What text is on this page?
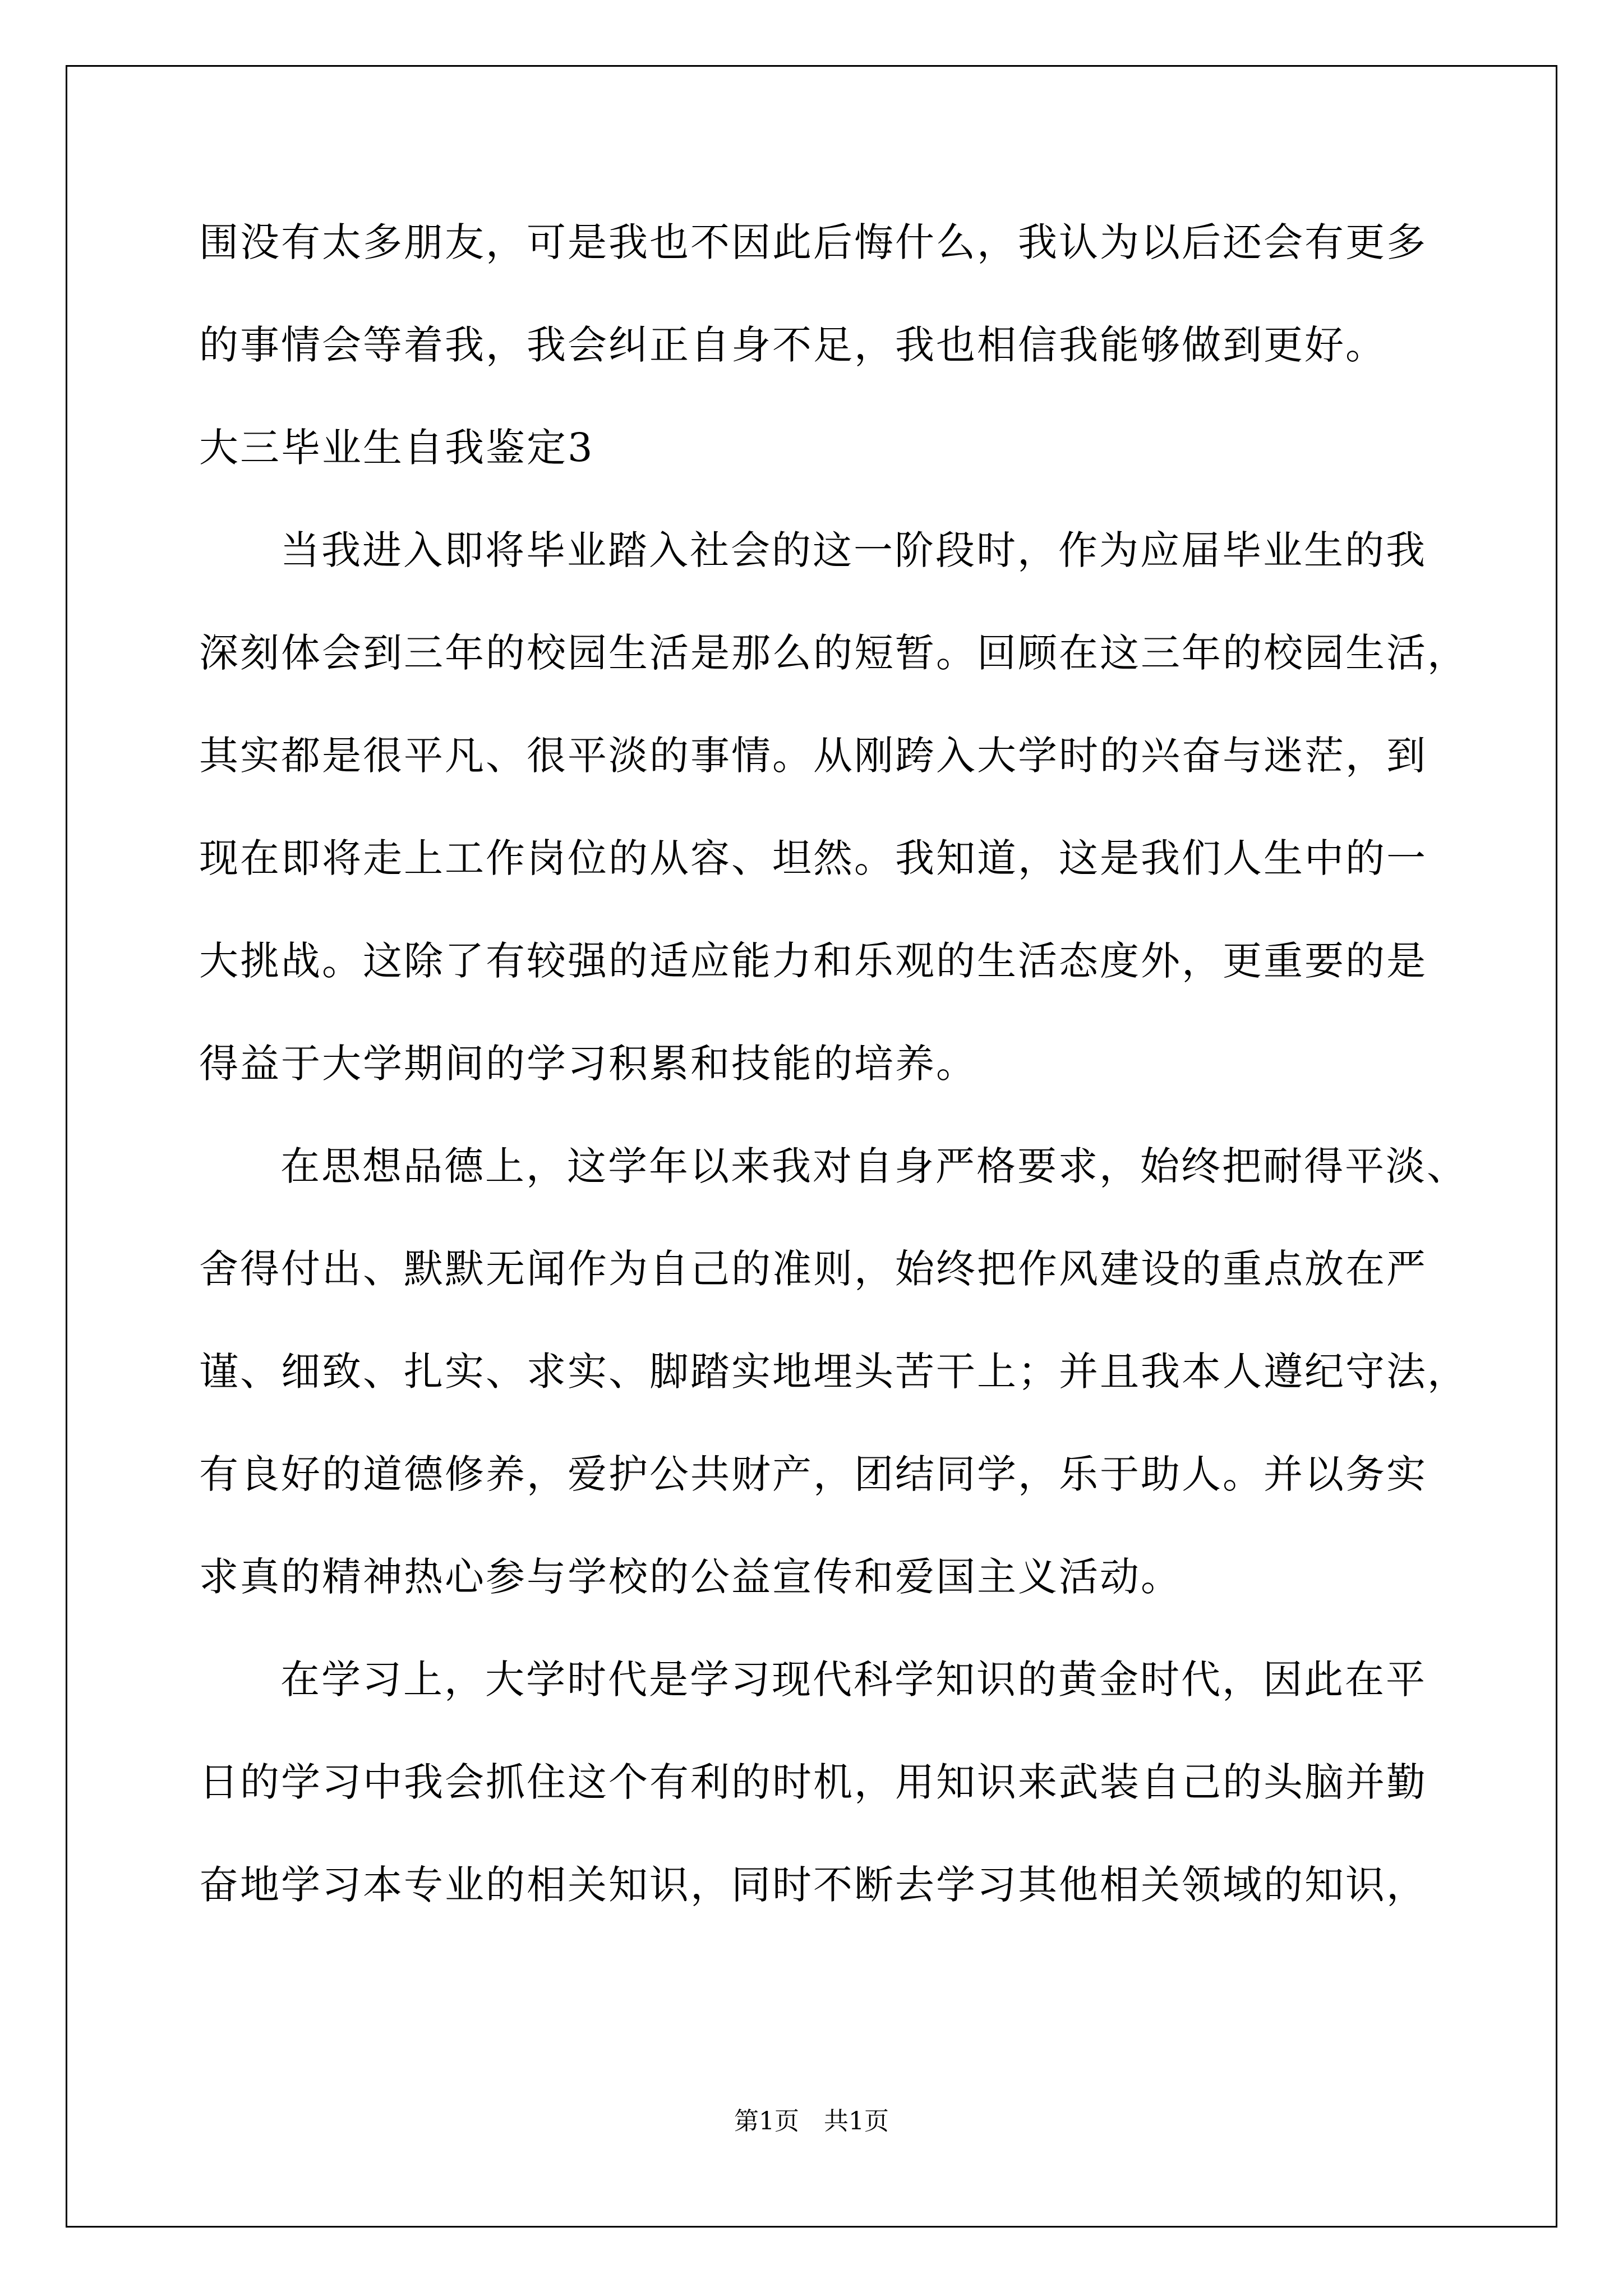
围没有太多朋友，可是我也不因此后悔什么，我认为以后还会有更多
的事情会等着我，我会纠正自身不足，我也相信我能够做到更好。
大三毕业生自我鉴定3
当我进入即将毕业踏入社会的这一阶段时，作为应届毕业生的我
深刻体会到三年的校园生活是那么的短暂。回顾在这三年的校园生活，
其实都是很平凡、很平淡的事情。从刚跨入大学时的兴奋与迷茫，到
现在即将走上工作岗位的从容、坦然。我知道，这是我们人生中的一
大挑战。这除了有较强的适应能力和乐观的生活态度外，更重要的是
得益于大学期间的学习积累和技能的培养。
在思想品德上，这学年以来我对自身严格要求，始终把耐得平淡、
舍得付出、默默无闻作为自己的准则，始终把作风建设的重点放在严
谨、细致、扎实、求实、脚踏实地埋头苦干上；并且我本人遵纪守法，
有良好的道德修养，爱护公共财产，团结同学，乐于助人。并以务实
求真的精神热心参与学校的公益宣传和爱国主义活动。
在学习上，大学时代是学习现代科学知识的黄金时代，因此在平
日的学习中我会抓住这个有利的时机，用知识来武装自己的头脑并勤
奋地学习本专业的相关知识，同时不断去学习其他相关领域的知识，
第1页 共1页
